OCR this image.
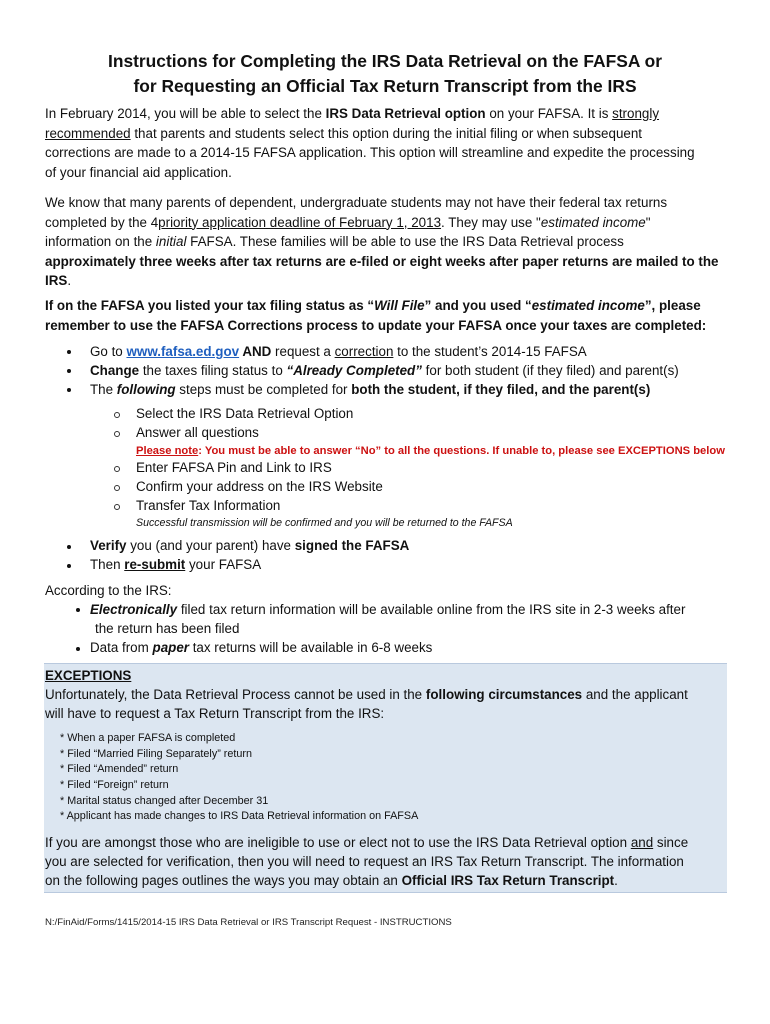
Instructions for Completing the IRS Data Retrieval on the FAFSA or
for Requesting an Official Tax Return Transcript from the IRS
In February 2014, you will be able to select the IRS Data Retrieval option on your FAFSA. It is strongly
recommended that parents and students select this option during the initial filing or when subsequent
corrections are made to a 2014-15 FAFSA application. This option will streamline and expedite the processing
of your financial aid application.
We know that many parents of dependent, undergraduate students may not have their federal tax returns
completed by the 4priority application deadline of February 1, 2013. They may use "estimated income"
information on the initial FAFSA. These families will be able to use the IRS Data Retrieval process
approximately three weeks after tax returns are e-filed or eight weeks after paper returns are mailed to the
IRS.
If on the FAFSA you listed your tax filing status as “Will File” and you used “estimated income”, please
remember to use the FAFSA Corrections process to update your FAFSA once your taxes are completed:
Go to www.fafsa.ed.gov AND request a correction to the student’s 2014-15 FAFSA
Change the taxes filing status to “Already Completed” for both student (if they filed) and parent(s)
The following steps must be completed for both the student, if they filed, and the parent(s)
Select the IRS Data Retrieval Option
Answer all questions
Please note: You must be able to answer “No” to all the questions. If unable to, please see EXCEPTIONS below
Enter FAFSA Pin and Link to IRS
Confirm your address on the IRS Website
Transfer Tax Information
Successful transmission will be confirmed and you will be returned to the FAFSA
Verify you (and your parent) have signed the FAFSA
Then re-submit your FAFSA
According to the IRS:
Electronically filed tax return information will be available online from the IRS site in 2-3 weeks after
the return has been filed
Data from paper tax returns will be available in 6-8 weeks
EXCEPTIONS
Unfortunately, the Data Retrieval Process cannot be used in the following circumstances and the applicant
will have to request a Tax Return Transcript from the IRS:
* When a paper FAFSA is completed
* Filed “Married Filing Separately” return
* Filed “Amended” return
* Filed “Foreign” return
* Marital status changed after December 31
* Applicant has made changes to IRS Data Retrieval information on FAFSA
If you are amongst those who are ineligible to use or elect not to use the IRS Data Retrieval option and since
you are selected for verification, then you will need to request an IRS Tax Return Transcript. The information
on the following pages outlines the ways you may obtain an Official IRS Tax Return Transcript.
N:/FinAid/Forms/1415/2014-15 IRS Data Retrieval or IRS Transcript Request - INSTRUCTIONS
